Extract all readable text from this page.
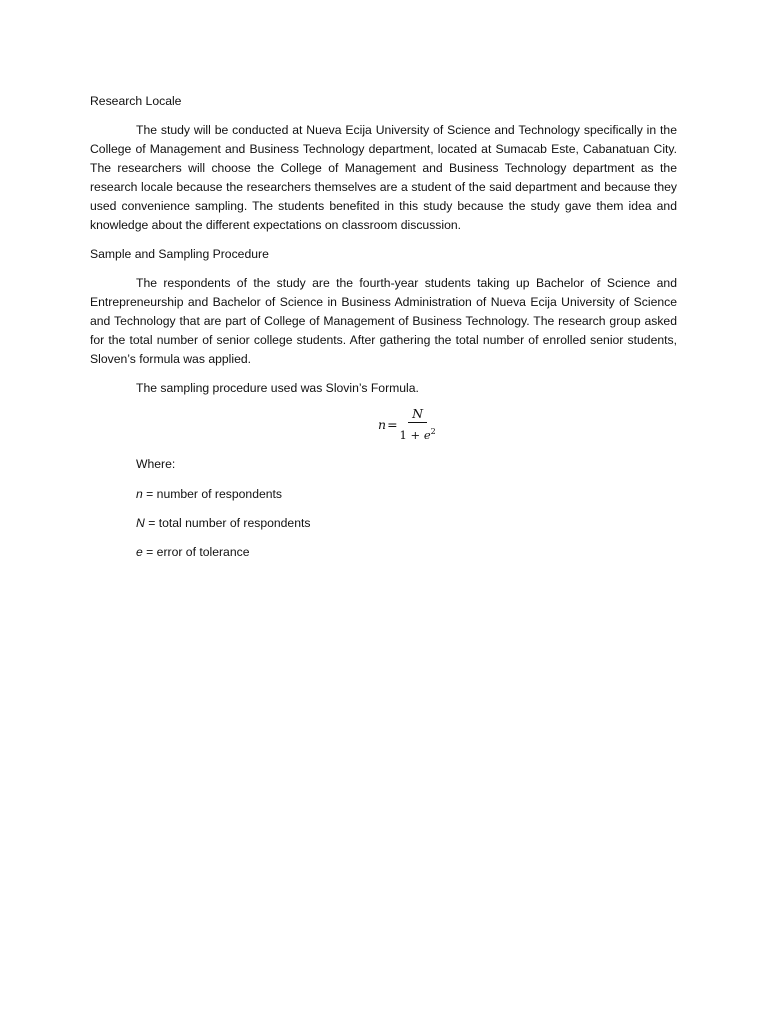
Research Locale

The study will be conducted at Nueva Ecija University of Science and Technology specifically in the College of Management and Business Technology department, located at Sumacab Este, Cabanatuan City. The researchers will choose the College of Management and Business Technology department as the research locale because the researchers themselves are a student of the said department and because they used convenience sampling. The students benefited in this study because the study gave them idea and knowledge about the different expectations on classroom discussion.

Sample and Sampling Procedure

The respondents of the study are the fourth-year students taking up Bachelor of Science and Entrepreneurship and Bachelor of Science in Business Administration of Nueva Ecija University of Science and Technology that are part of College of Management of Business Technology. The research group asked for the total number of senior college students. After gathering the total number of enrolled senior students, Sloven’s formula was applied.

The sampling procedure used was Slovin’s Formula.

$n = \frac{N}{1 + e^2}$
Where:
n = number of respondents
N = total number of respondents
e = error of tolerance
